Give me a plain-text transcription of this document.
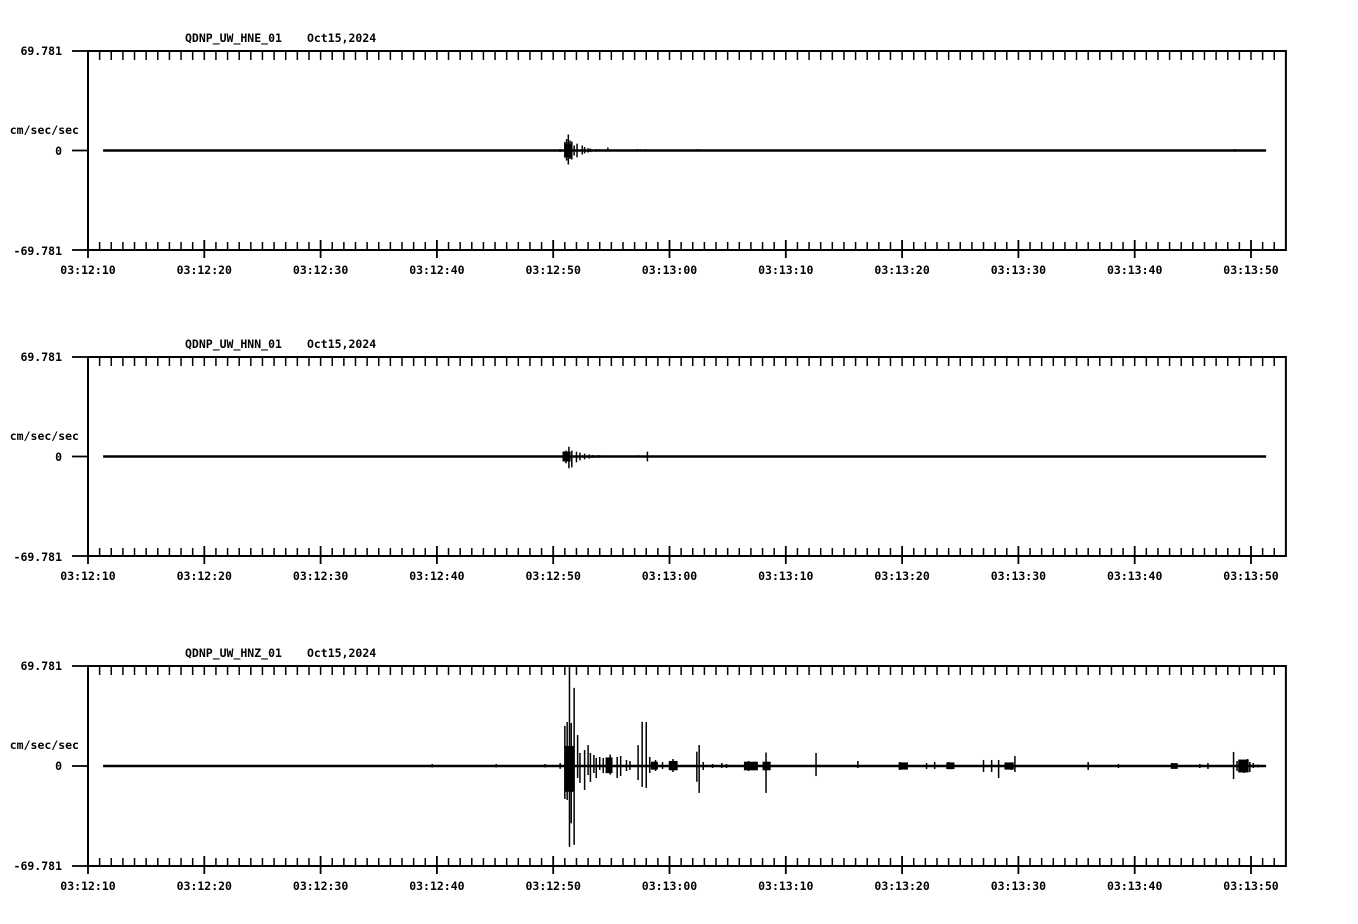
QDNP_UW_HNE_01 Oct15,2024
69.781
cm/sec/sec
0
-69.781
03:12:10	03:12:20	03:12:30	03:12:40	03:12:50	03:13:00	03:13:10	03:13:20	03:13:30	03:13:40	03:13:50
QDNP_UW_HNN_01 Oct15,2024
69.781
cm/sec/sec
0
-69.781
03:12:10	03:12:20	03:12:30	03:12:40	03:12:50	03:13:00	03:13:10	03:13:20	03:13:30	03:13:40	03:13:50
QDNP_UW_HNZ_01 Oct15,2024
69.781
cm/sec/sec
0
-69.781
03:12:10	03:12:20	03:12:30	03:12:40	03:12:50	03:13:00	03:13:10	03:13:20	03:13:30	03:13:40	03:13:50
